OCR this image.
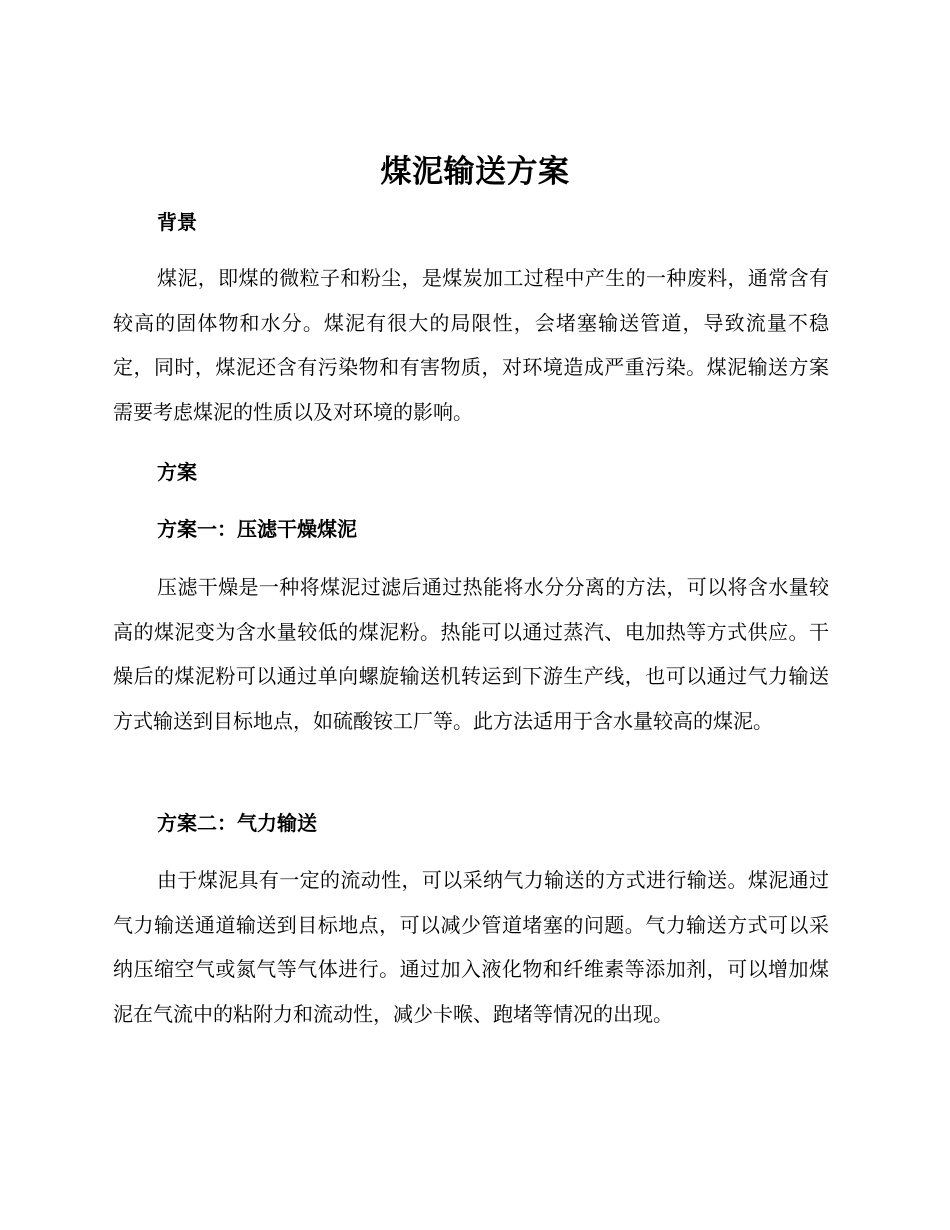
煤泥输送方案
背景
煤泥，即煤的微粒子和粉尘，是煤炭加工过程中产生的一种废料，通常含有较高的固体物和水分。煤泥有很大的局限性，会堵塞输送管道，导致流量不稳定，同时，煤泥还含有污染物和有害物质，对环境造成严重污染。煤泥输送方案需要考虑煤泥的性质以及对环境的影响。
方案
方案一：压滤干燥煤泥
压滤干燥是一种将煤泥过滤后通过热能将水分分离的方法，可以将含水量较高的煤泥变为含水量较低的煤泥粉。热能可以通过蒸汽、电加热等方式供应。干燥后的煤泥粉可以通过单向螺旋输送机转运到下游生产线，也可以通过气力输送方式输送到目标地点，如硫酸铵工厂等。此方法适用于含水量较高的煤泥。
方案二：气力输送
由于煤泥具有一定的流动性，可以采纳气力输送的方式进行输送。煤泥通过气力输送通道输送到目标地点，可以减少管道堵塞的问题。气力输送方式可以采纳压缩空气或氮气等气体进行。通过加入液化物和纤维素等添加剂，可以增加煤泥在气流中的粘附力和流动性，减少卡喉、跑堵等情况的出现。
